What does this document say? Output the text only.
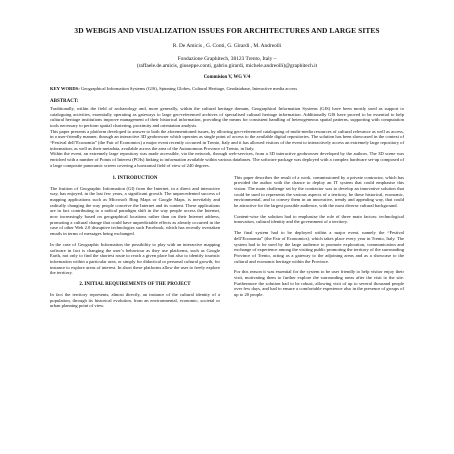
3D WEBGIS AND VISUALIZATION ISSUES FOR ARCHITECTURES AND LARGE SITES
R. De Amicis , G. Conti, G. Girardi , M. Andreolli
Fondazione Graphitech, 38123 Trento, Italy –
(raffaele.de.amicis, giuseppe.conti, gabrio.girardi, michele.andreolli)@graphitech.it
Commision V, WG V/4
KEY WORDS: Geographical Information Systems (GIS), Spinning Globes, Cultural Heritage, Geodatabase, Interactive media access
ABSTRACT:
Traditionally, within the field of archaeology and, more generally, within the cultural heritage domain, Geographical Information Systems (GIS) have been mostly used as support to cataloguing activities, essentially operating as gateways to large geo-referenced archives of specialised cultural heritage information. Additionally GIS have proved to be essential to help cultural heritage institutions improve management of their historical information, providing the means for consistent handling of heterogeneous spatial patterns, supporting with computation tools necessary to perform spatial clustering, proximity and orientation analysis.
This paper presents a platform developed to answer to both the aforementioned issues, by allowing geo-referenced cataloguing of multi-media resources of cultural relevance as well as access, in a user-friendly manner, through an interactive 3D geobrowser which operates as single point of access to the available digital repositories. The solution has been showcased in the context of “Festival dell’Economia” (the Fair of Economics) a major event recently occurred in Trento, Italy and it has allowed visitors of the event to interactively access an extremely large repository of information, as well as their metadata, available across the area of the Autonomous Province of Trento, in Italy.
Within the event, an extremely large repository was made accessible, via the network, through web-services, from a 3D interactive geobrowser developed by the authors. The 3D scene was enriched with a number of Points of Interest (POIs) linking to information available within various databases. The software package was deployed with a complex hardware set-up composed of a large composite panoramic screen covering a horizontal field of view of 240 degrees.
1. INTRODUCTION

The fruition of Geographic Information (GI) from the Internet, in a direct and interactive way, has enjoyed, in the last few years, a significant growth. The unprecedented success of mapping applications such as Microsoft Bing Maps or Google Maps, is inevitably and radically changing the way people conceive the Internet and its content. These applications are in fact contributing to a radical paradigm shift in the way people access the Internet, now increasingly based on geographical locations rather than on their Internet address, promoting a cultural change that could have unpredictable effects as already occurred in the case of other Web 2.0 disruptive technologies such Facebook, which has recently overtaken emails in terms of messages being exchanged.

In the case of Geographic Information the possibility to play with an interactive mapping software in fact is changing the user’s behaviour as they use platforms, such as Google Earth, not only to find the shortest route to reach a given place but also to identify touristic information within a particular area, or simply for didactical or personal cultural growth, for instance to explore areas of interest. In short these platforms allow the user to freely explore the territory.

2. INITIAL REQUIREMENTS OF THE PROJECT

In fact the territory represents, almost directly, an instance of the cultural identity of a population, through its historical evolution, from an environmental, economic, societal or urban planning point of view.

This paper describes the result of a work, commissioned by a private contractor, which has provided the author with the chance to deploy an IT system that could emphasise this vision. The main challenge set by the contractor was to develop an innovative solution that could be used to represents the various aspects of a territory, be these historical, economic, environmental, and to convey them in an innovative, trendy and appealing way, that could be attractive for the largest possible audience, with the most diverse cultural background.

Content-wise the solution had to emphasise the role of three main factors: technological innovation, cultural identity and the government of a territory.

The final system had to be deployed within a major event, namely the “Festival dell’Economia” (the Fair of Economics), which takes place every year in Trento, Italy. The system had to be used by the large audience to promote exploration, communication and exchange of experience among the visiting public promoting the territory of the surrounding Province of Trento, acting as a gateway to the adjoining areas and as a showcase to the cultural and economic heritage within the Province.

For this reason it was essential for the system to be user friendly to help visitor enjoy their visit, motivating them to further explore the surrounding areas after the visit to the site. Furthermore the solution had to be robust, allowing visit of up to several thousand people over few days, and had to ensure a comfortable experience also in the presence of groups of up to 20 people.
